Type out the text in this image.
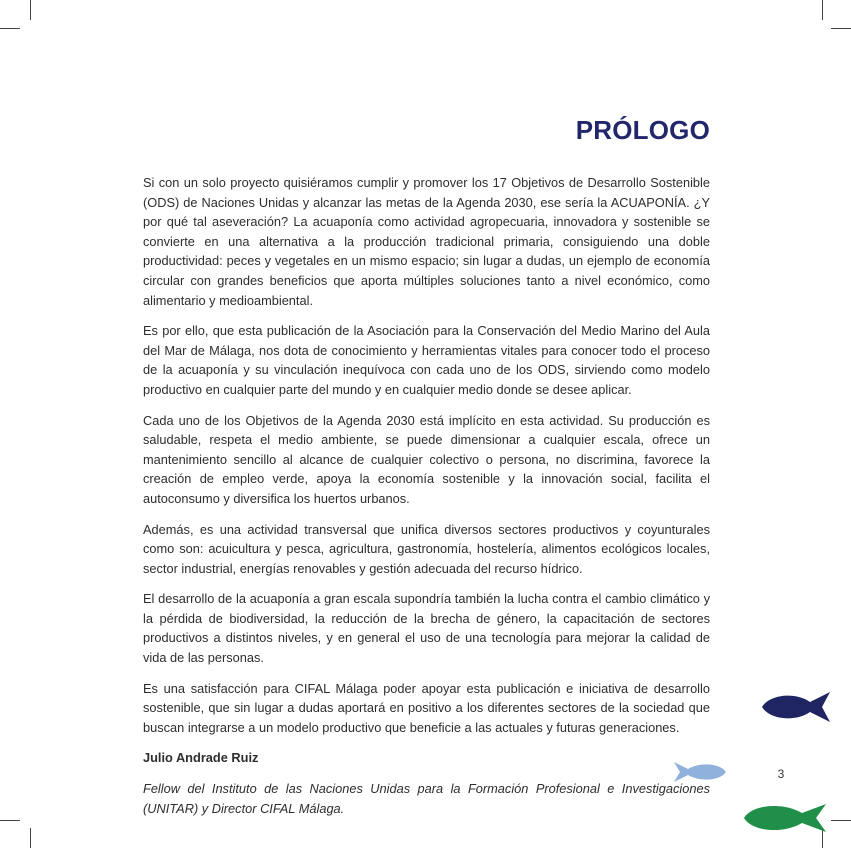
PRÓLOGO

Si con un solo proyecto quisiéramos cumplir y promover los 17 Objetivos de Desarrollo Sostenible (ODS) de Naciones Unidas y alcanzar las metas de la Agenda 2030, ese sería la ACUAPONÍA. ¿Y por qué tal aseveración? La acuaponía como actividad agropecuaria, innovadora y sostenible se convierte en una alternativa a la producción tradicional primaria, consiguiendo una doble productividad: peces y vegetales en un mismo espacio; sin lugar a dudas, un ejemplo de economía circular con grandes beneficios que aporta múltiples soluciones tanto a nivel económico, como alimentario y medioambiental.

Es por ello, que esta publicación de la Asociación para la Conservación del Medio Marino del Aula del Mar de Málaga, nos dota de conocimiento y herramientas vitales para conocer todo el proceso de la acuaponía y su vinculación inequívoca con cada uno de los ODS, sirviendo como modelo productivo en cualquier parte del mundo y en cualquier medio donde se desee aplicar.

Cada uno de los Objetivos de la Agenda 2030 está implícito en esta actividad. Su producción es saludable, respeta el medio ambiente, se puede dimensionar a cualquier escala, ofrece un mantenimiento sencillo al alcance de cualquier colectivo o persona, no discrimina, favorece la creación de empleo verde, apoya la economía sostenible y la innovación social, facilita el autoconsumo y diversifica los huertos urbanos.

Además, es una actividad transversal que unifica diversos sectores productivos y coyunturales como son: acuicultura y pesca, agricultura, gastronomía, hostelería, alimentos ecológicos locales, sector industrial, energías renovables y gestión adecuada del recurso hídrico.

El desarrollo de la acuaponía a gran escala supondría también la lucha contra el cambio climático y la pérdida de biodiversidad, la reducción de la brecha de género, la capacitación de sectores productivos a distintos niveles, y en general el uso de una tecnología para mejorar la calidad de vida de las personas.

Es una satisfacción para CIFAL Málaga poder apoyar esta publicación e iniciativa de desarrollo sostenible, que sin lugar a dudas aportará en positivo a los diferentes sectores de la sociedad que buscan integrarse a un modelo productivo que beneficie a las actuales y futuras generaciones.

Julio Andrade Ruiz

Fellow del Instituto de las Naciones Unidas para la Formación Profesional e Investigaciones (UNITAR) y Director CIFAL Málaga.

3
